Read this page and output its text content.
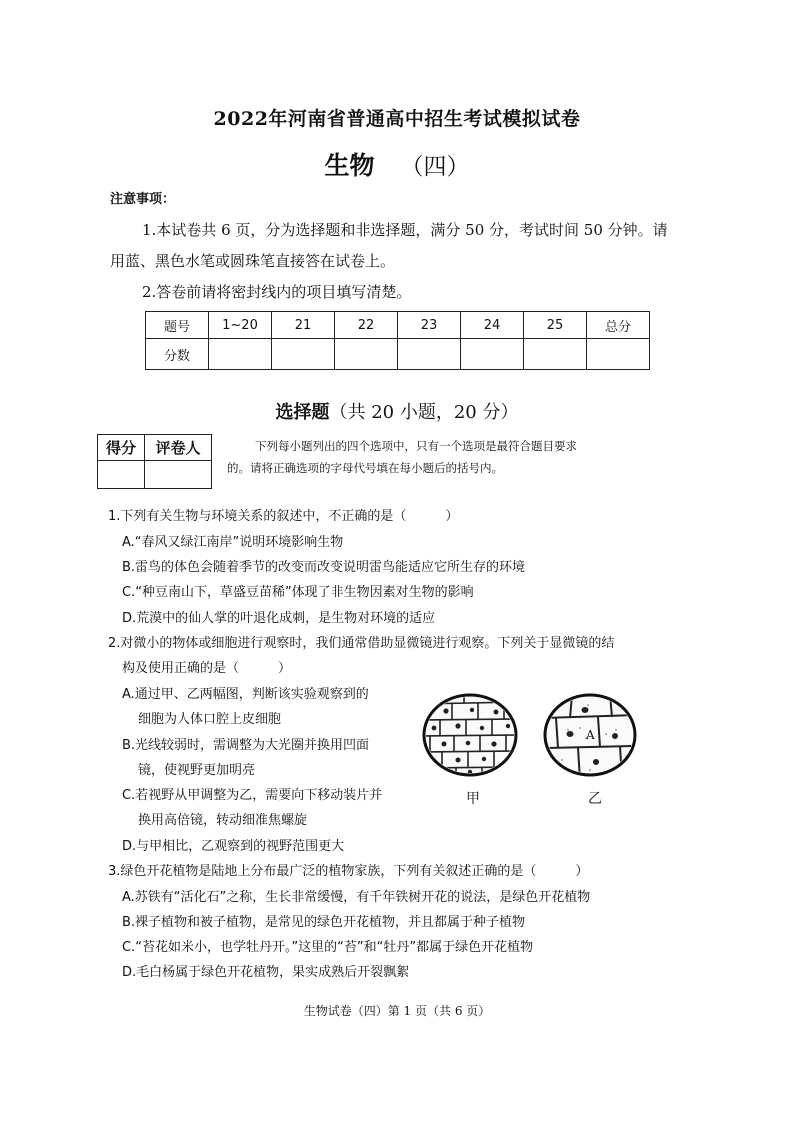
2022年河南省普通高中招生考试模拟试卷
生物 （四）
注意事项：
1.本试卷共 6 页，分为选择题和非选择题，满分 50 分，考试时间 50 分钟。请
用蓝、黑色水笔或圆珠笔直接答在试卷上。
2.答卷前请将密封线内的项目填写清楚。
题号	1~20	21	22	23	24	25	总分
分数							
选择题（共 20 小题，20 分）
得分	评卷人
		下列每小题列出的四个选项中，只有一个选项是最符合题目要求
的。请将正确选项的字母代号填在每小题后的括号内。
1.下列有关生物与环境关系的叙述中，不正确的是（　　　）
A.“春风又绿江南岸”说明环境影响生物
B.雷鸟的体色会随着季节的改变而改变说明雷鸟能适应它所生存的环境
C.“种豆南山下，草盛豆苗稀”体现了非生物因素对生物的影响
D.荒漠中的仙人掌的叶退化成刺，是生物对环境的适应
2.对微小的物体或细胞进行观察时，我们通常借助显微镜进行观察。下列关于显微镜的结
构及使用正确的是（　　　）
A.通过甲、乙两幅图，判断该实验观察到的
细胞为人体口腔上皮细胞
B.光线较弱时，需调整为大光圈并换用凹面
镜，使视野更加明亮
C.若视野从甲调整为乙，需要向下移动装片并
换用高倍镜，转动细准焦螺旋
D.与甲相比，乙观察到的视野范围更大
A
甲	乙
3.绿色开花植物是陆地上分布最广泛的植物家族，下列有关叙述正确的是（　　　）
A.苏铁有“活化石”之称，生长非常缓慢，有千年铁树开花的说法，是绿色开花植物
B.裸子植物和被子植物，是常见的绿色开花植物，并且都属于种子植物
C.“苔花如米小，也学牡丹开。”这里的“苔”和“牡丹”都属于绿色开花植物
D.毛白杨属于绿色开花植物，果实成熟后开裂飘絮
生物试卷（四）第 1 页（共 6 页）
